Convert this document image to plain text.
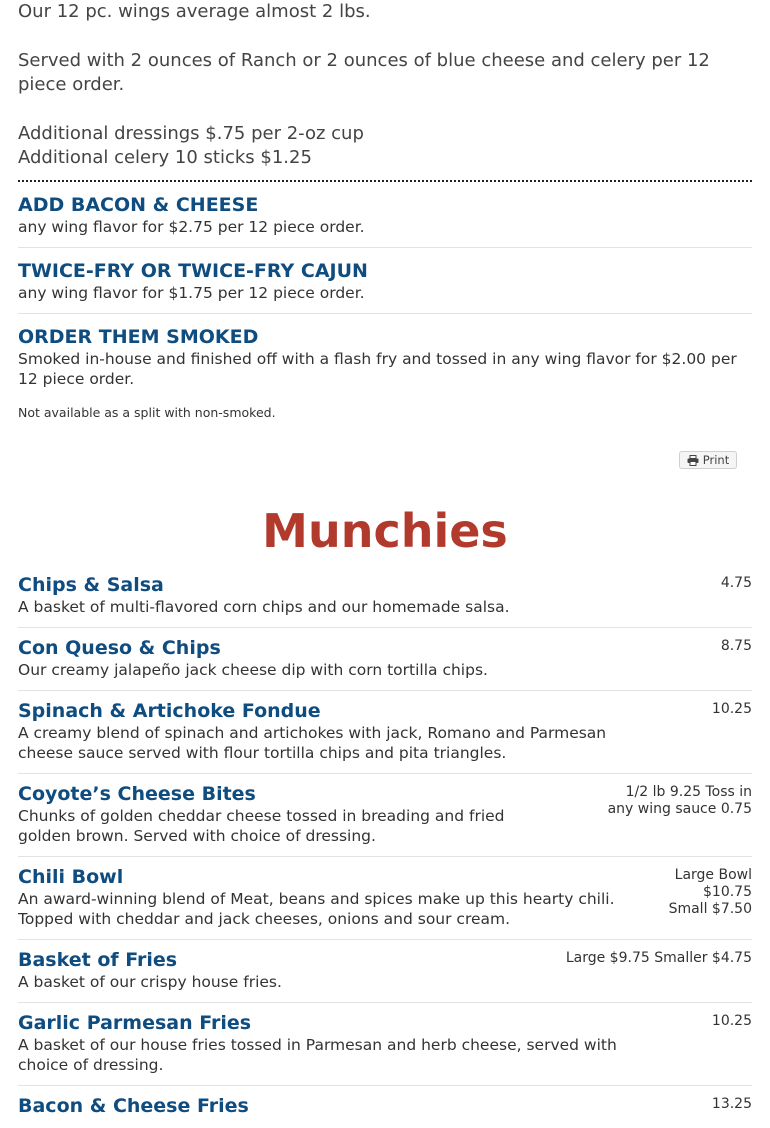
Our 12 pc. wings average almost 2 lbs.

Served with 2 ounces of Ranch or 2 ounces of blue cheese and celery per 12 piece order.

Additional dressings $.75 per 2-oz cup

Additional celery 10 sticks $1.25

ADD BACON & CHEESE
any wing flavor for $2.75 per 12 piece order.
TWICE-FRY OR TWICE-FRY CAJUN
any wing flavor for $1.75 per 12 piece order.
ORDER THEM SMOKED
Smoked in-house and finished off with a flash fry and tossed in any wing flavor for $2.00 per 12 piece order.
Not available as a split with non-smoked.
Print
Munchies
Chips & Salsa
A basket of multi-flavored corn chips and our homemade salsa.
4.75
Con Queso & Chips
Our creamy jalapeño jack cheese dip with corn tortilla chips.
8.75
Spinach & Artichoke Fondue
A creamy blend of spinach and artichokes with jack, Romano and Parmesan cheese sauce served with flour tortilla chips and pita triangles.
10.25
Coyote’s Cheese Bites
Chunks of golden cheddar cheese tossed in breading and fried golden brown. Served with choice of dressing.
1/2 lb 9.25 Toss in any wing sauce 0.75
Chili Bowl
An award-winning blend of Meat, beans and spices make up this hearty chili. Topped with cheddar and jack cheeses, onions and sour cream.
Large Bowl $10.75 Small $7.50
Basket of Fries
A basket of our crispy house fries.
Large $9.75 Smaller $4.75
Garlic Parmesan Fries
A basket of our house fries tossed in Parmesan and herb cheese, served with choice of dressing.
10.25
Bacon & Cheese Fries	13.25
